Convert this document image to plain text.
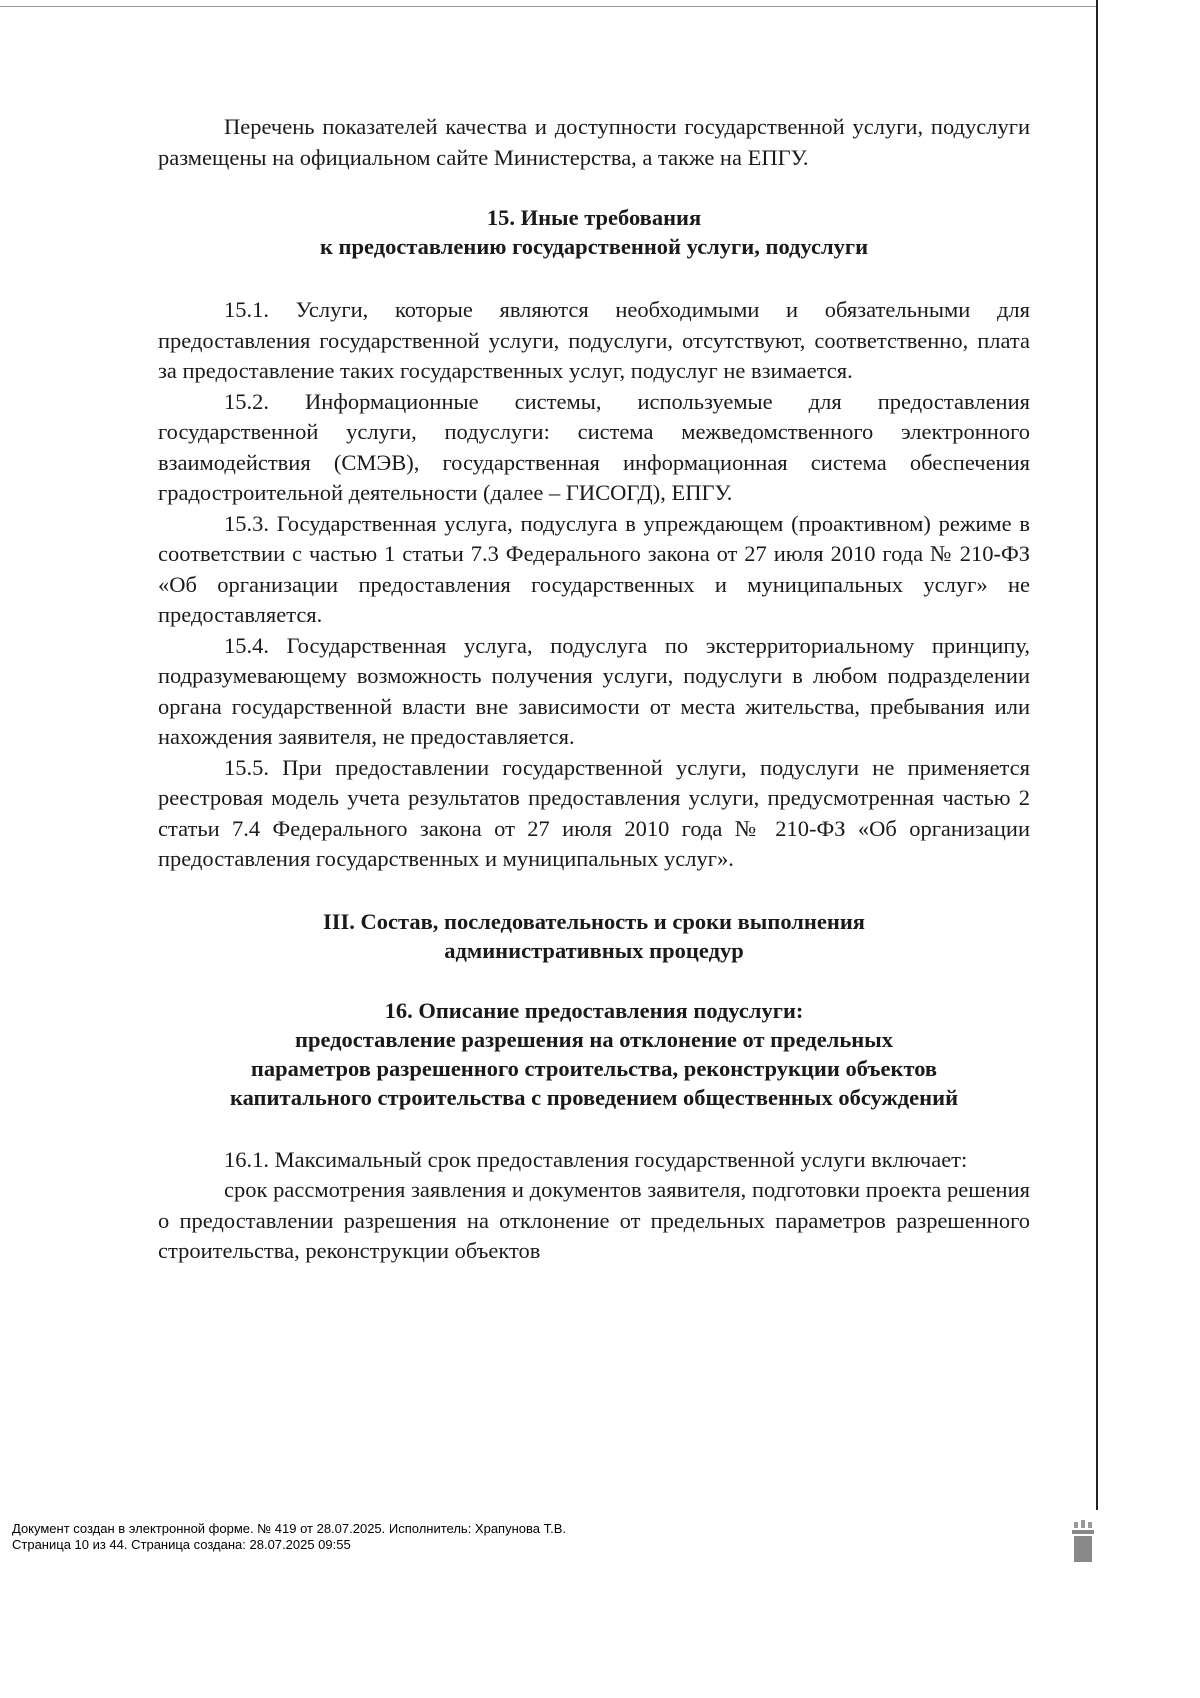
Перечень показателей качества и доступности государственной услуги, подуслуги размещены на официальном сайте Министерства, а также на ЕПГУ.

15. Иные требования
к предоставлению государственной услуги, подуслуги

15.1. Услуги, которые являются необходимыми и обязательными для предоставления государственной услуги, подуслуги, отсутствуют, соответственно, плата за предоставление таких государственных услуг, подуслуг не взимается.

15.2. Информационные системы, используемые для предоставления государственной услуги, подуслуги: система межведомственного электронного взаимодействия (СМЭВ), государственная информационная система обеспечения градостроительной деятельности (далее – ГИСОГД), ЕПГУ.

15.3. Государственная услуга, подуслуга в упреждающем (проактивном) режиме в соответствии с частью 1 статьи 7.3 Федерального закона от 27 июля 2010 года № 210-ФЗ «Об организации предоставления государственных и муниципальных услуг» не предоставляется.

15.4. Государственная услуга, подуслуга по экстерриториальному принципу, подразумевающему возможность получения услуги, подуслуги в любом подразделении органа государственной власти вне зависимости от места жительства, пребывания или нахождения заявителя, не предоставляется.

15.5. При предоставлении государственной услуги, подуслуги не применяется реестровая модель учета результатов предоставления услуги, предусмотренная частью 2 статьи 7.4 Федерального закона от 27 июля 2010 года № 210-ФЗ «Об организации предоставления государственных и муниципальных услуг».

III. Состав, последовательность и сроки выполнения
административных процедур
16. Описание предоставления подуслуги:
предоставление разрешения на отклонение от предельных
параметров разрешенного строительства, реконструкции объектов
капитального строительства с проведением общественных обсуждений

16.1. Максимальный срок предоставления государственной услуги включает:

срок рассмотрения заявления и документов заявителя, подготовки проекта решения о предоставлении разрешения на отклонение от предельных параметров разрешенного строительства, реконструкции объектов

Документ создан в электронной форме. № 419 от 28.07.2025. Исполнитель: Храпунова Т.В.
Страница 10 из 44. Страница создана: 28.07.2025 09:55
